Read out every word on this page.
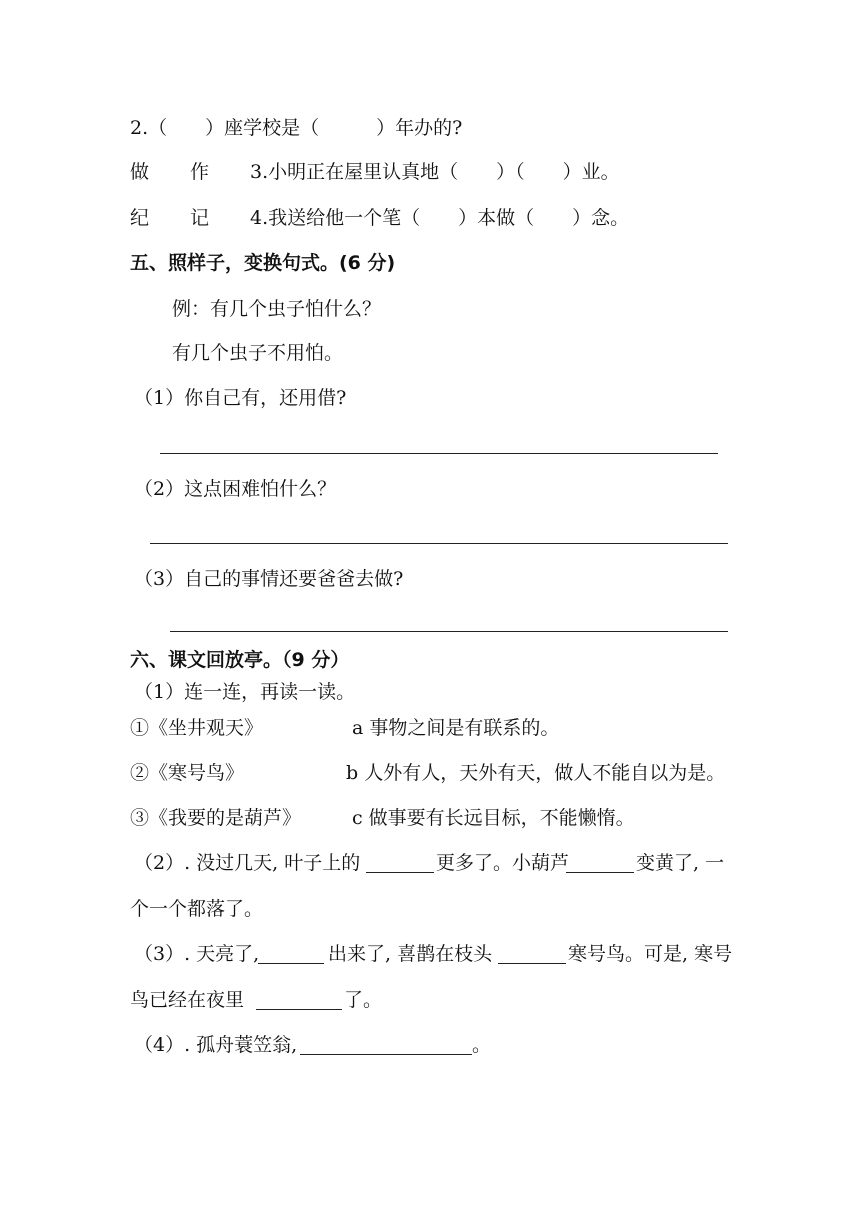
2.（　　）座学校是（　　　）年办的?
做 作 3.小明正在屋里认真地（　　）（　　）业。
纪 记 4.我送给他一个笔（　　）本做（　　）念。
五、照样子，变换句式。(6 分)
例：有几个虫子怕什么？
有几个虫子不用怕。
（1）你自己有，还用借?
（2）这点困难怕什么？
（3）自己的事情还要爸爸去做?
六、课文回放亭。（9 分）
（1）连一连，再读一读。
①《坐井观天》	a 事物之间是有联系的。
②《寒号鸟》	b 人外有人，天外有天，做人不能自以为是。
③《我要的是葫芦》	c 做事要有长远目标，不能懒惰。
（2）. 没过几天, 叶子上的	更多了。小葫芦	变黄了, 一
个一个都落了。
（3）. 天亮了,	出来了, 喜鹊在枝头	寒号鸟。可是, 寒号
鸟已经在夜里	了。
（4）. 孤舟蓑笠翁,	。
